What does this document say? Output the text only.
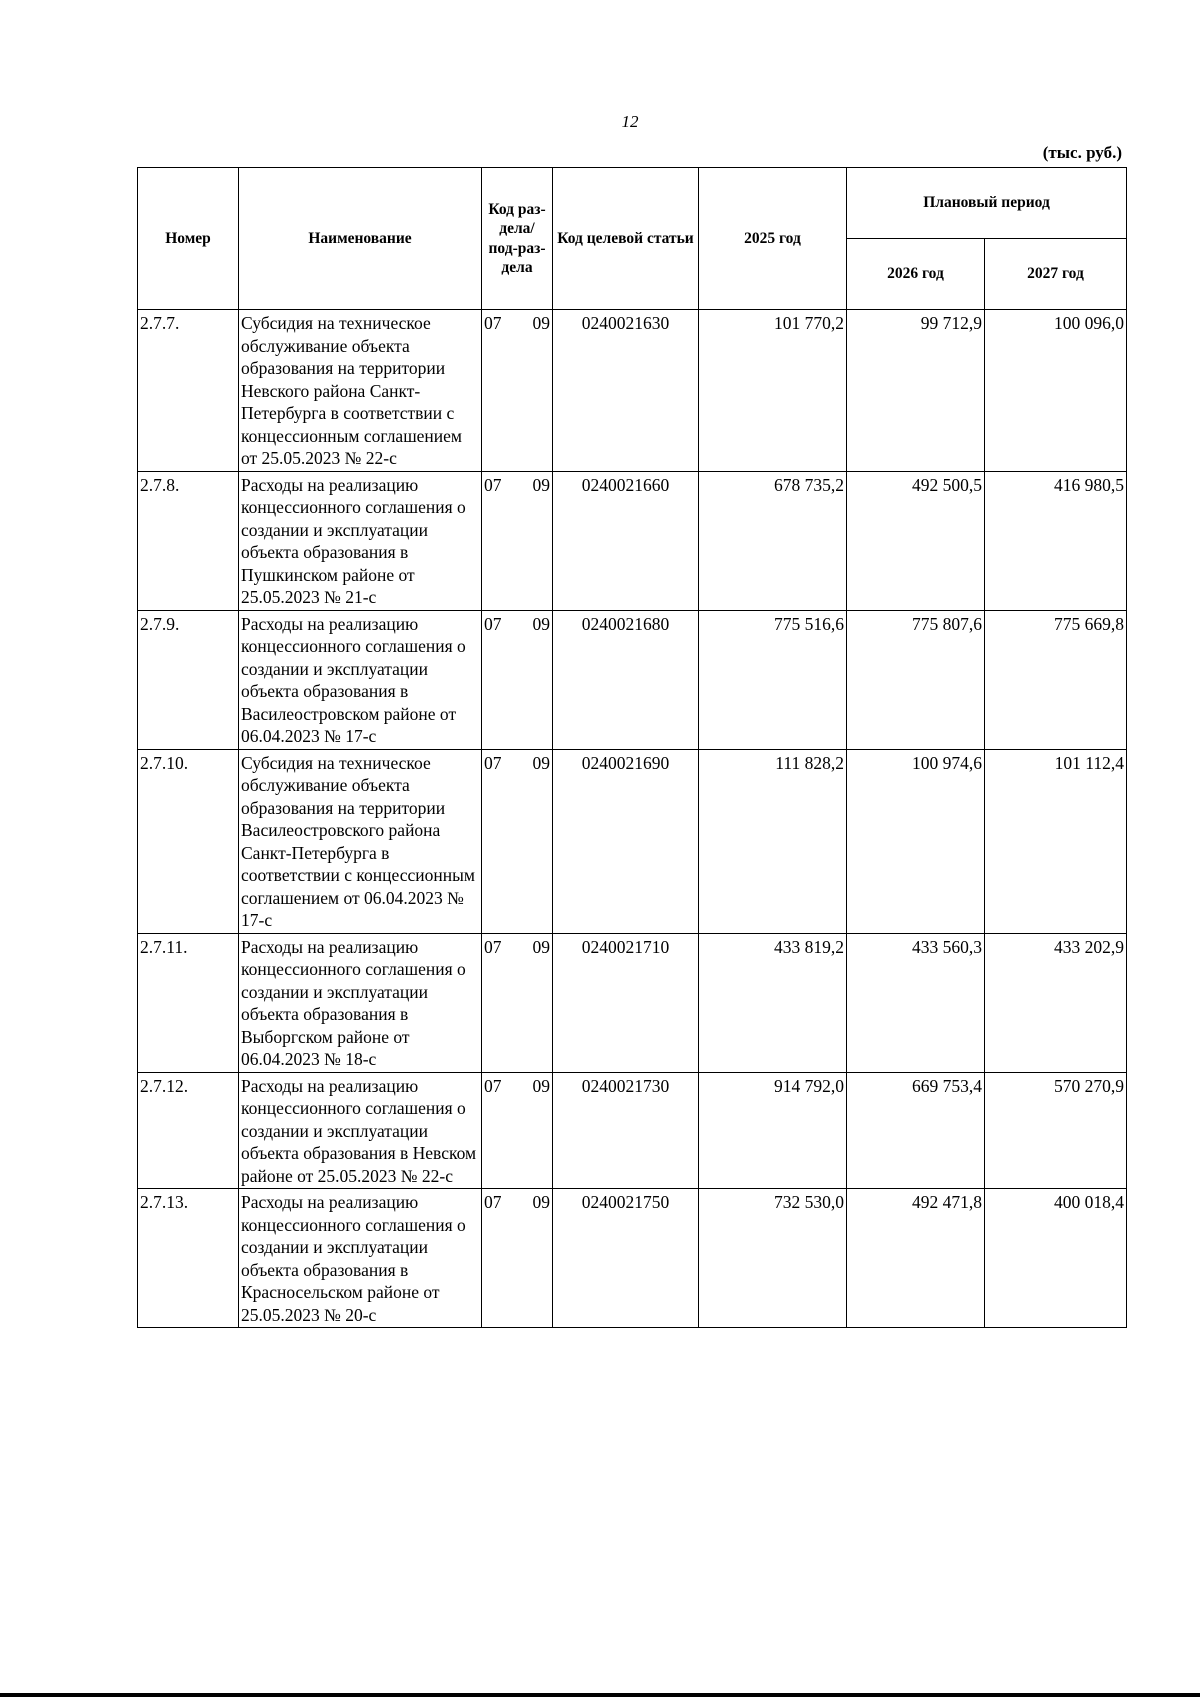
12
(тыс. руб.)
Номер	Наименование	Код раз-дела/ под-раз-дела	Код целевой статьи	2025 год	Плановый период	
					2026 год	2027 год
2.7.7.	Субсидия на техническое обслуживание объекта образования на территории Невского района Санкт-Петербурга в соответствии с концессионным соглашением от 25.05.2023 № 22-с	07 09	0240021630	101 770,2	99 712,9	100 096,0
2.7.8.	Расходы на реализацию концессионного соглашения о создании и эксплуатации объекта образования в Пушкинском районе от 25.05.2023 № 21-с	07 09	0240021660	678 735,2	492 500,5	416 980,5
2.7.9.	Расходы на реализацию концессионного соглашения о создании и эксплуатации объекта образования в Василеостровском районе от 06.04.2023 № 17-с	07 09	0240021680	775 516,6	775 807,6	775 669,8
2.7.10.	Субсидия на техническое обслуживание объекта образования на территории Василеостровского района Санкт-Петербурга в соответствии с концессионным соглашением от 06.04.2023 № 17-с	07 09	0240021690	111 828,2	100 974,6	101 112,4
2.7.11.	Расходы на реализацию концессионного соглашения о создании и эксплуатации объекта образования в Выборгском районе от 06.04.2023 № 18-с	07 09	0240021710	433 819,2	433 560,3	433 202,9
2.7.12.	Расходы на реализацию концессионного соглашения о создании и эксплуатации объекта образования в Невском районе от 25.05.2023 № 22-с	07 09	0240021730	914 792,0	669 753,4	570 270,9
2.7.13.	Расходы на реализацию концессионного соглашения о создании и эксплуатации объекта образования в Красносельском районе от 25.05.2023 № 20-с	07 09	0240021750	732 530,0	492 471,8	400 018,4
